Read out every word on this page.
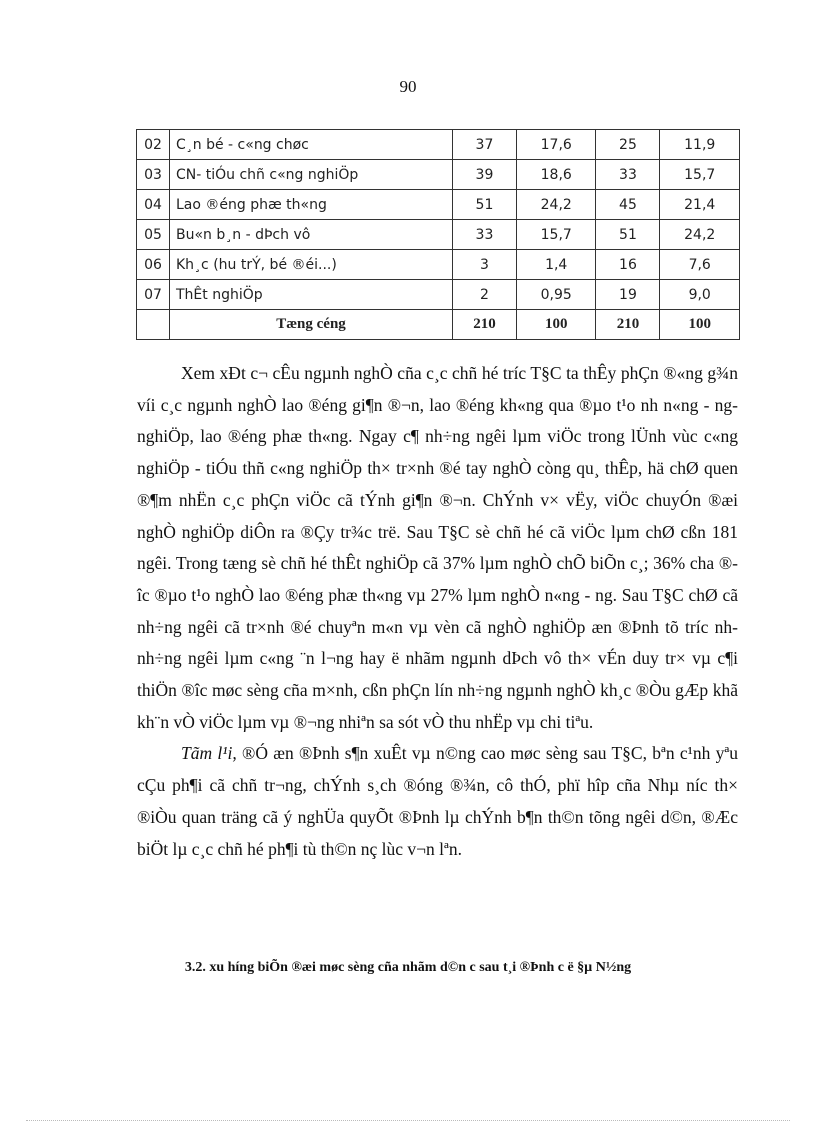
90
02	C¸n bé - c«ng chøc	37	17,6	25	11,9
03	CN- tiÓu chñ c«ng nghiÖp	39	18,6	33	15,7
04	Lao ®éng phæ th«ng	51	24,2	45	21,4
05	Bu«n b¸n - dÞch vô	33	15,7	51	24,2
06	Kh¸c (hu trÝ, bé ®éi...)	3	1,4	16	7,6
07	ThÊt nghiÖp	2	0,95	19	9,0
	Tæng céng	210	100	210	100

Xem xÐt c¬ cÊu ngµnh nghÒ cña c¸c chñ hé tríc T§C ta thÊy phÇn ®«ng g¾n víi c¸c ngµnh nghÒ lao ®éng gi¶n ®¬n, lao ®éng kh«ng qua ®µo t¹o nh n«ng - ng nghiÖp, lao ®éng phæ th«ng. Ngay c¶ nh÷ng ngêi lµm viÖc trong lÜnh vùc c«ng nghiÖp - tiÓu thñ c«ng nghiÖp th× tr×nh ®é tay nghÒ còng qu¸ thÊp, hä chØ quen ®¶m nhËn c¸c phÇn viÖc cã tÝnh gi¶n ®¬n. ChÝnh v× vËy, viÖc chuyÓn ®æi nghÒ nghiÖp diÔn ra ®Çy tr¾c trë. Sau T§C sè chñ hé cã viÖc lµm chØ cßn 181 ngêi. Trong tæng sè chñ hé thÊt nghiÖp cã 37% lµm nghÒ chÕ biÕn c¸; 36% cha ®îc ®µo t¹o nghÒ lao ®éng phæ th«ng vµ 27% lµm nghÒ n«ng - ng. Sau T§C chØ cã nh÷ng ngêi cã tr×nh ®é chuyªn m«n vµ vèn cã nghÒ nghiÖp æn ®Þnh tõ tríc nh nh÷ng ngêi lµm c«ng ¨n l¬ng hay ë nhãm ngµnh dÞch vô th× vÉn duy tr× vµ c¶i thiÖn ®îc møc sèng cña m×nh, cßn phÇn lín nh÷ng ngµnh nghÒ kh¸c ®Òu gÆp khã kh¨n vÒ viÖc lµm vµ ®¬ng nhiªn sa sót vÒ thu nhËp vµ chi tiªu.

Tãm l¹i, ®Ó æn ®Þnh s¶n xuÊt vµ n©ng cao møc sèng sau T§C, bªn c¹nh yªu cÇu ph¶i cã chñ tr¬ng, chÝnh s¸ch ®óng ®¾n, cô thÓ, phï hîp cña Nhµ níc th× ®iÒu quan träng cã ý nghÜa quyÕt ®Þnh lµ chÝnh b¶n th©n tõng ngêi d©n, ®Æc biÖt lµ c¸c chñ hé ph¶i tù th©n nç lùc v¬n lªn.

3.2. xu híng biÕn ®æi møc sèng cña nhãm d©n c sau t¸i ®Þnh c ë §µ N½ng
